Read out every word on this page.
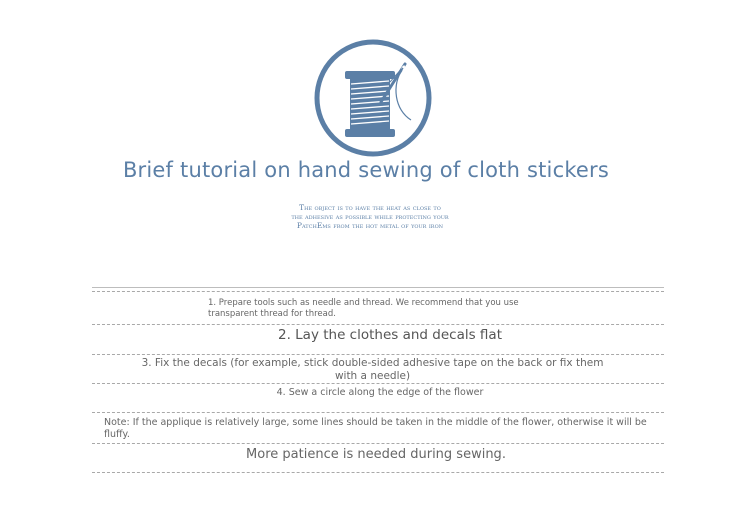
Brief tutorial on hand sewing of cloth stickers
The object is to have the heat as close to
the adhesive as possible while protecting your
PatchEms from the hot metal of your iron
1. Prepare tools such as needle and thread. We recommend that you use transparent thread for thread.
2. Lay the clothes and decals flat
3. Fix the decals (for example, stick double-sided adhesive tape on the back or fix them with a needle)
4. Sew a circle along the edge of the flower
Note: If the applique is relatively large, some lines should be taken in the middle of the flower, otherwise it will be fluffy.
More patience is needed during sewing.
